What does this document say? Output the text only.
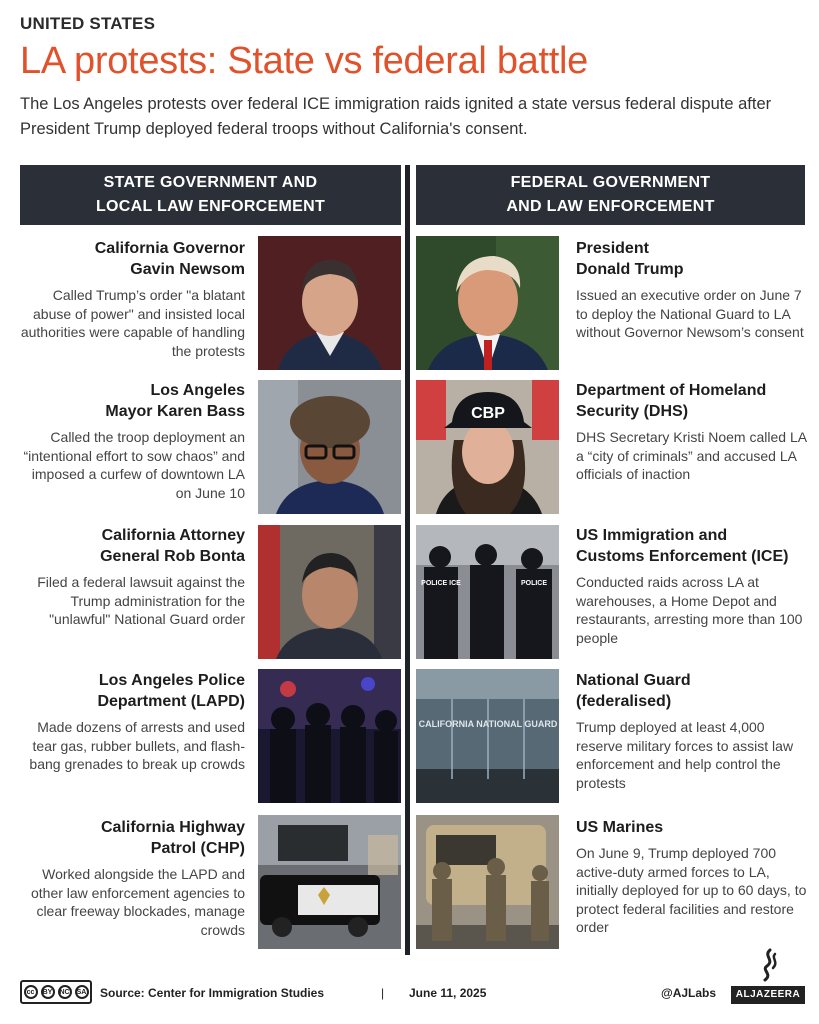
UNITED STATES
LA protests: State vs federal battle

The Los Angeles protests over federal ICE immigration raids ignited a state versus federal dispute after President Trump deployed federal troops without California's consent.

STATE GOVERNMENT AND
LOCAL LAW ENFORCEMENT
FEDERAL GOVERNMENT
AND LAW ENFORCEMENT
California Governor
Gavin Newsom

Called Trump’s order "a blatant abuse of power" and insisted local authorities were capable of handling the protests

Los Angeles
Mayor Karen Bass

Called the troop deployment an “intentional effort to sow chaos” and imposed a curfew of downtown LA on June 10

California Attorney
General Rob Bonta

Filed a federal lawsuit against the Trump administration for the "unlawful" National Guard order

Los Angeles Police
Department (LAPD)

Made dozens of arrests and used tear gas, rubber bullets, and flash-bang grenades to break up crowds

California Highway
Patrol (CHP)

Worked alongside the LAPD and other law enforcement agencies to clear freeway blockades, manage crowds

President
Donald Trump

Issued an executive order on June 7 to deploy the National Guard to LA without Governor Newsom’s consent

Department of Homeland
Security (DHS)

DHS Secretary Kristi Noem called LA a “city of criminals” and accused LA officials of inaction

US Immigration and
Customs Enforcement (ICE)

Conducted raids across LA at warehouses, a Home Depot and restaurants, arresting more than 100 people

National Guard
(federalised)

Trump deployed at least 4,000 reserve military forces to assist law enforcement and help control the protests

US Marines

On June 9, Trump deployed 700 active-duty armed forces to LA, initially deployed for up to 60 days, to protect federal facilities and restore order

CBP
POLICE ICE	POLICE
CALIFORNIA NATIONAL GUARD
cc	BY	NC	SA Source: Center for Immigration Studies	| June 11, 2025	@AJLabs	ALJAZEERA
